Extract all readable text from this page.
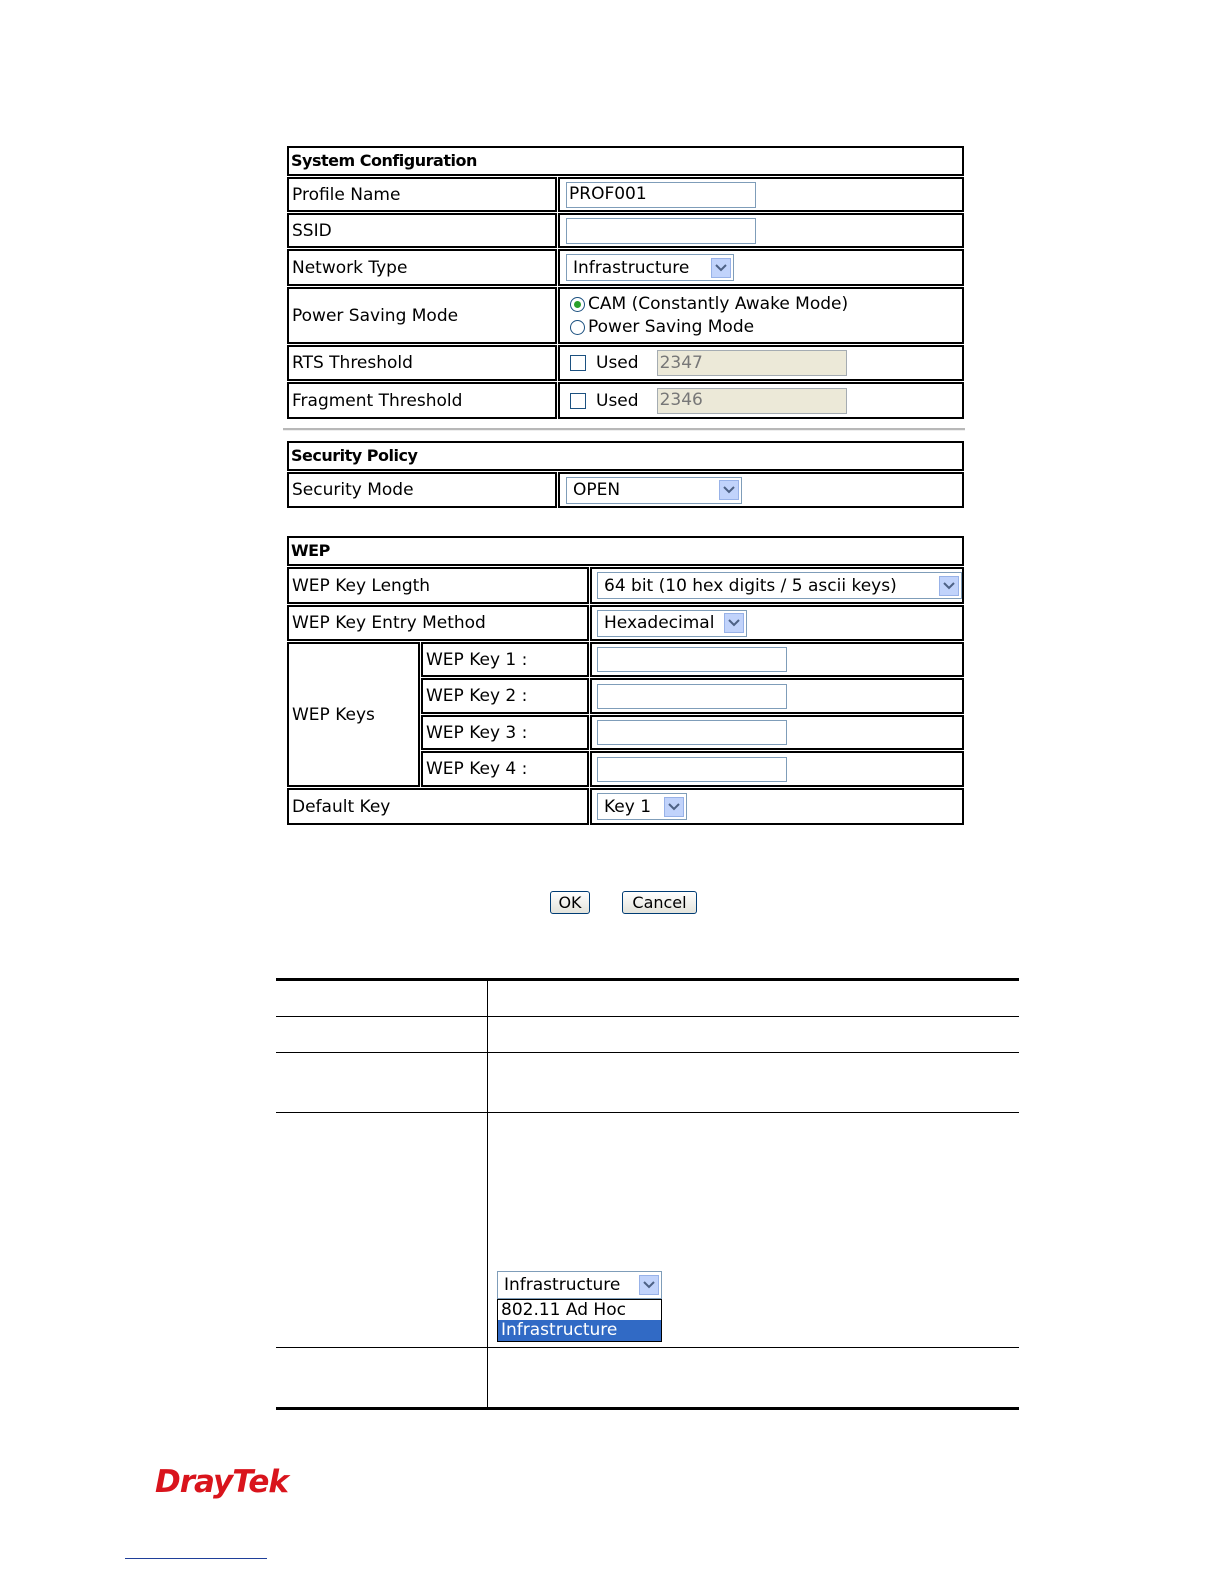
System Configuration
Profile Name	PROF001
SSID
Network Type	Infrastructure
Power Saving Mode
CAM (Constantly Awake Mode)
Power Saving Mode
RTS Threshold	Used 2347
Fragment Threshold	Used 2346
Security Policy
Security Mode	OPEN
WEP
WEP Key Length	64 bit (10 hex digits / 5 ascii keys)
WEP Key Entry Method	Hexadecimal
WEP Keys
WEP Key 1 :
WEP Key 2 :
WEP Key 3 :
WEP Key 4 :
Default Key	Key 1
OK	Cancel
Infrastructure
802.11 Ad Hoc
Infrastructure
DrayTek
